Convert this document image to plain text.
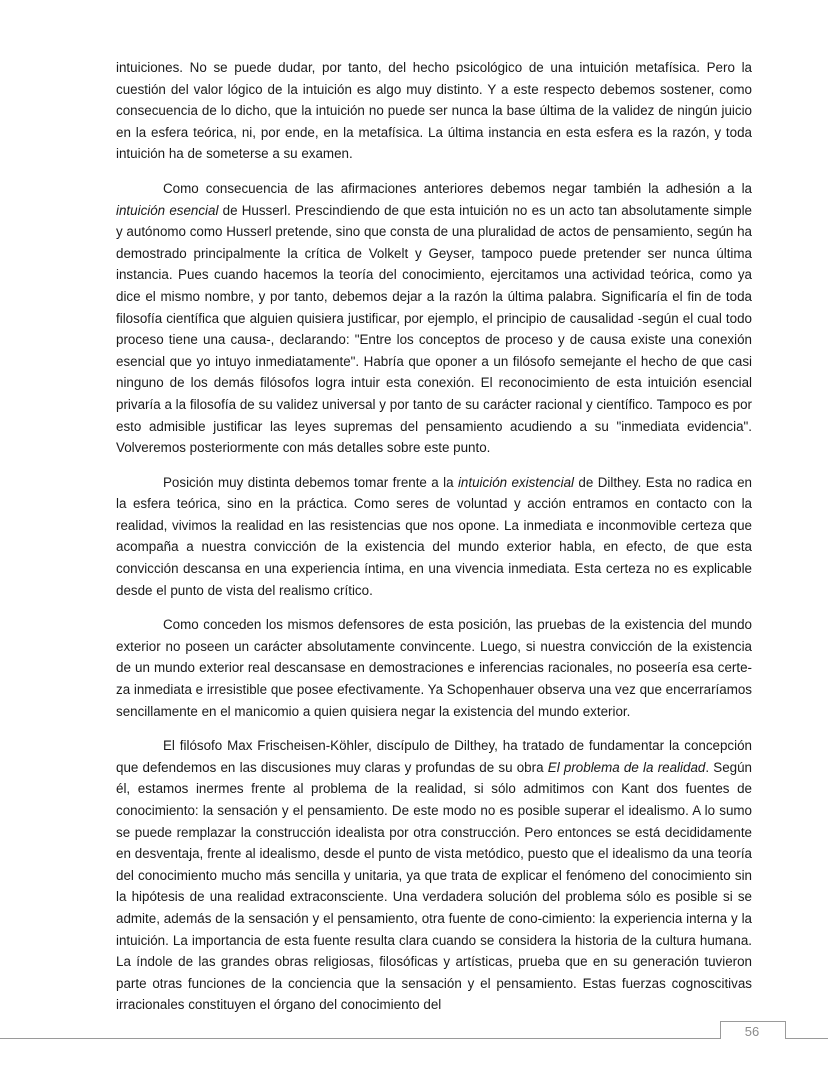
intuiciones. No se puede dudar, por tanto, del hecho psicológico de una intuición metafísica. Pero la cuestión del valor lógico de la intuición es algo muy distinto. Y a este respecto debemos sostener, como consecuencia de lo dicho, que la intuición no puede ser nunca la base última de la validez de ningún juicio en la esfera teórica, ni, por ende, en la metafísica. La última instancia en esta esfera es la razón, y toda intuición ha de someterse a su examen.

Como consecuencia de las afirmaciones anteriores debemos negar también la adhesión a la intuición esencial de Husserl. Prescindiendo de que esta intuición no es un acto tan absolutamente simple y autónomo como Husserl pretende, sino que consta de una pluralidad de actos de pensamiento, según ha demostrado principalmente la crítica de Volkelt y Geyser, tampoco puede pretender ser nunca última instancia. Pues cuando hacemos la teoría del conocimiento, ejercitamos una actividad teórica, como ya dice el mismo nombre, y por tanto, debemos dejar a la razón la última palabra. Significaría el fin de toda filosofía científica que alguien quisiera justificar, por ejemplo, el principio de causalidad -según el cual todo proceso tiene una causa-, declarando: "Entre los conceptos de proceso y de causa existe una conexión esencial que yo intuyo inmediatamente". Habría que oponer a un filósofo semejante el hecho de que casi ninguno de los demás filósofos logra intuir esta conexión. El reconocimiento de esta intuición esencial privaría a la filosofía de su validez universal y por tanto de su carácter racional y científico. Tampoco es por esto admisible justificar las leyes supremas del pensamiento acudiendo a su "inmediata evidencia". Volveremos posteriormente con más detalles sobre este punto.

Posición muy distinta debemos tomar frente a la intuición existencial de Dilthey. Esta no radica en la esfera teórica, sino en la práctica. Como seres de voluntad y acción entramos en contacto con la realidad, vivimos la realidad en las resistencias que nos opone. La inmediata e inconmovible certeza que acompaña a nuestra convicción de la existencia del mundo exterior habla, en efecto, de que esta convicción descansa en una experiencia íntima, en una vivencia inmediata. Esta certeza no es explicable desde el punto de vista del realismo crítico.

Como conceden los mismos defensores de esta posición, las pruebas de la existencia del mundo exterior no poseen un carácter absolutamente convincente. Luego, si nuestra convicción de la existencia de un mundo exterior real descansase en demostraciones e inferencias racionales, no poseería esa certe-za inmediata e irresistible que posee efectivamente. Ya Schopenhauer observa una vez que encerraríamos sencillamente en el manicomio a quien quisiera negar la existencia del mundo exterior.

El filósofo Max Frischeisen-Köhler, discípulo de Dilthey, ha tratado de fundamentar la concepción que defendemos en las discusiones muy claras y profundas de su obra El problema de la realidad. Según él, estamos inermes frente al problema de la realidad, si sólo admitimos con Kant dos fuentes de conocimiento: la sensación y el pensamiento. De este modo no es posible superar el idealismo. A lo sumo se puede remplazar la construcción idealista por otra construcción. Pero entonces se está decididamente en desventaja, frente al idealismo, desde el punto de vista metódico, puesto que el idealismo da una teoría del conocimiento mucho más sencilla y unitaria, ya que trata de explicar el fenómeno del conocimiento sin la hipótesis de una realidad extraconsciente. Una verdadera solución del problema sólo es posible si se admite, además de la sensación y el pensamiento, otra fuente de cono-cimiento: la experiencia interna y la intuición. La importancia de esta fuente resulta clara cuando se considera la historia de la cultura humana. La índole de las grandes obras religiosas, filosóficas y artísticas, prueba que en su generación tuvieron parte otras funciones de la conciencia que la sensación y el pensamiento. Estas fuerzas cognoscitivas irracionales constituyen el órgano del conocimiento del

56
